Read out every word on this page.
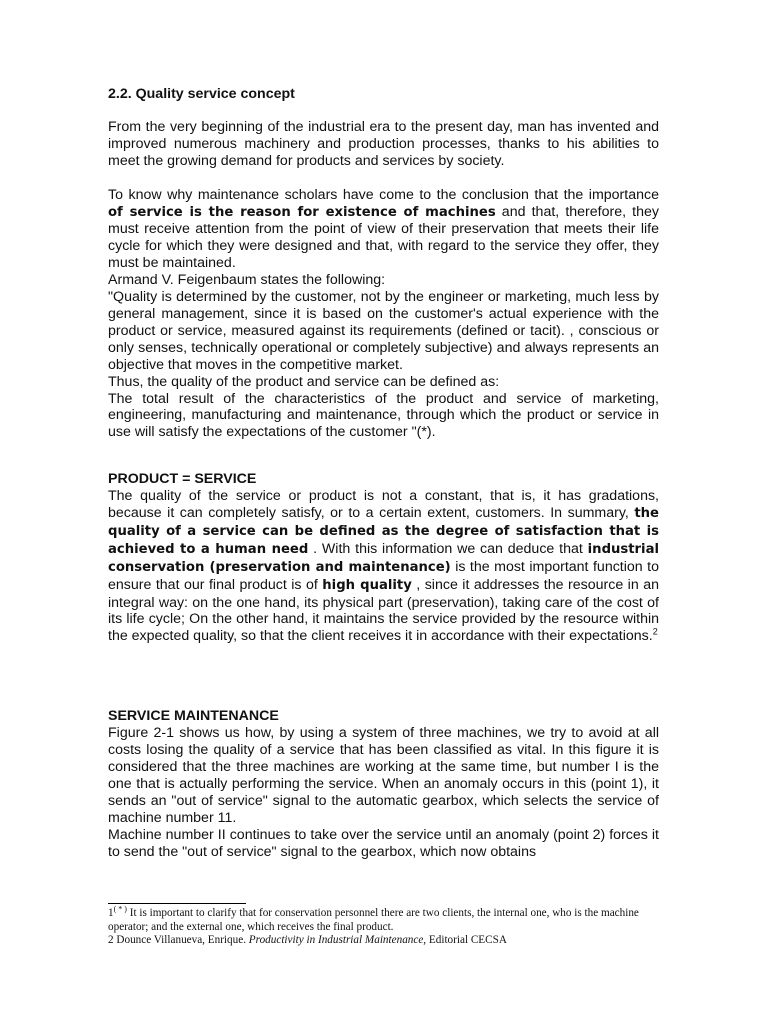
2.2. Quality service concept

From the very beginning of the industrial era to the present day, man has invented and improved numerous machinery and production processes, thanks to his abilities to meet the growing demand for products and services by society.

To know why maintenance scholars have come to the conclusion that the importance of service is the reason for existence of machines and that, therefore, they must receive attention from the point of view of their preservation that meets their life cycle for which they were designed and that, with regard to the service they offer, they must be maintained.

Armand V. Feigenbaum states the following:

"Quality is determined by the customer, not by the engineer or marketing, much less by general management, since it is based on the customer's actual experience with the product or service, measured against its requirements (defined or tacit). , conscious or only senses, technically operational or completely subjective) and always represents an objective that moves in the competitive market.

Thus, the quality of the product and service can be defined as:

The total result of the characteristics of the product and service of marketing, engineering, manufacturing and maintenance, through which the product or service in use will satisfy the expectations of the customer "(*).

PRODUCT = SERVICE

The quality of the service or product is not a constant, that is, it has gradations, because it can completely satisfy, or to a certain extent, customers. In summary, the quality of a service can be defined as the degree of satisfaction that is achieved to a human need . With this information we can deduce that industrial conservation (preservation and maintenance) is the most important function to ensure that our final product is of high quality , since it addresses the resource in an integral way: on the one hand, its physical part (preservation), taking care of the cost of its life cycle; On the other hand, it maintains the service provided by the resource within the expected quality, so that the client receives it in accordance with their expectations.$^2$

SERVICE MAINTENANCE

Figure 2-1 shows us how, by using a system of three machines, we try to avoid at all costs losing the quality of a service that has been classified as vital. In this figure it is considered that the three machines are working at the same time, but number I is the one that is actually performing the service. When an anomaly occurs in this (point 1), it sends an "out of service" signal to the automatic gearbox, which selects the service of machine number 11.

Machine number II continues to take over the service until an anomaly (point 2) forces it to send the "out of service" signal to the gearbox, which now obtains

1( * ) It is important to clarify that for conservation personnel there are two clients, the internal one, who is the machine operator; and the external one, which receives the final product.

2 Dounce Villanueva, Enrique. Productivity in Industrial Maintenance, Editorial CECSA
